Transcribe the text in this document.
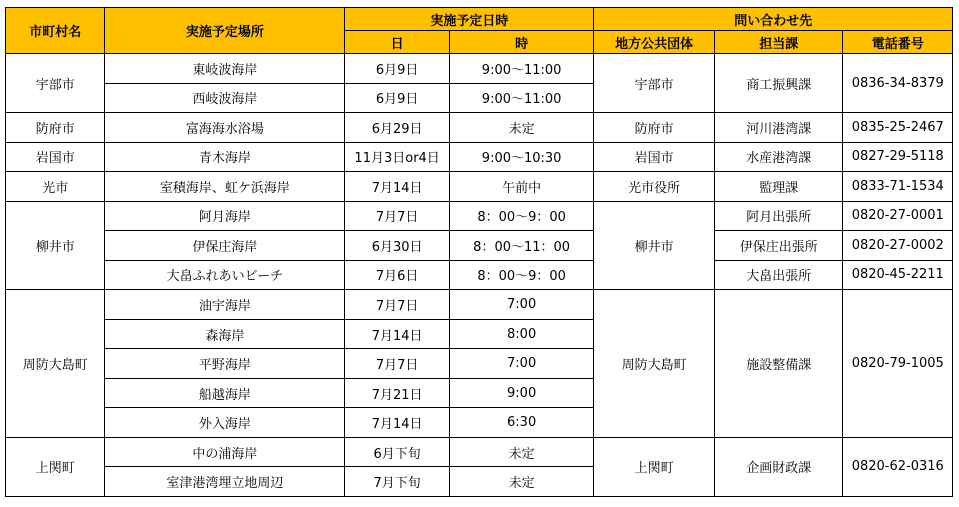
市町村名	実施予定場所	実施予定日時		問い合わせ先		
		日	時	地方公共団体	担当課	電話番号
宇部市	東岐波海岸	6月9日	9:00～11:00	宇部市	商工振興課	0836-34-8379
	西岐波海岸	6月9日	9:00～11:00			
防府市	富海海水浴場	6月29日	未定	防府市	河川港湾課	0835-25-2467
岩国市	青木海岸	11月3日or4日	9:00～10:30	岩国市	水産港湾課	0827-29-5118
光市	室積海岸、虹ケ浜海岸	7月14日	午前中	光市役所	監理課	0833-71-1534
柳井市	阿月海岸	7月7日	8：00～9：00	柳井市	阿月出張所	0820-27-0001
	伊保庄海岸	6月30日	8：00～11：00		伊保庄出張所	0820-27-0002
	大畠ふれあいビーチ	7月6日	8：00～9：00		大畠出張所	0820-45-2211
周防大島町	油宇海岸	7月7日	7:00	周防大島町	施設整備課	0820-79-1005
	森海岸	7月14日	8:00			
	平野海岸	7月7日	7:00			
	船越海岸	7月21日	9:00			
	外入海岸	7月14日	6:30			
上関町	中の浦海岸	6月下旬	未定	上関町	企画財政課	0820-62-0316
	室津港湾埋立地周辺	7月下旬	未定			
